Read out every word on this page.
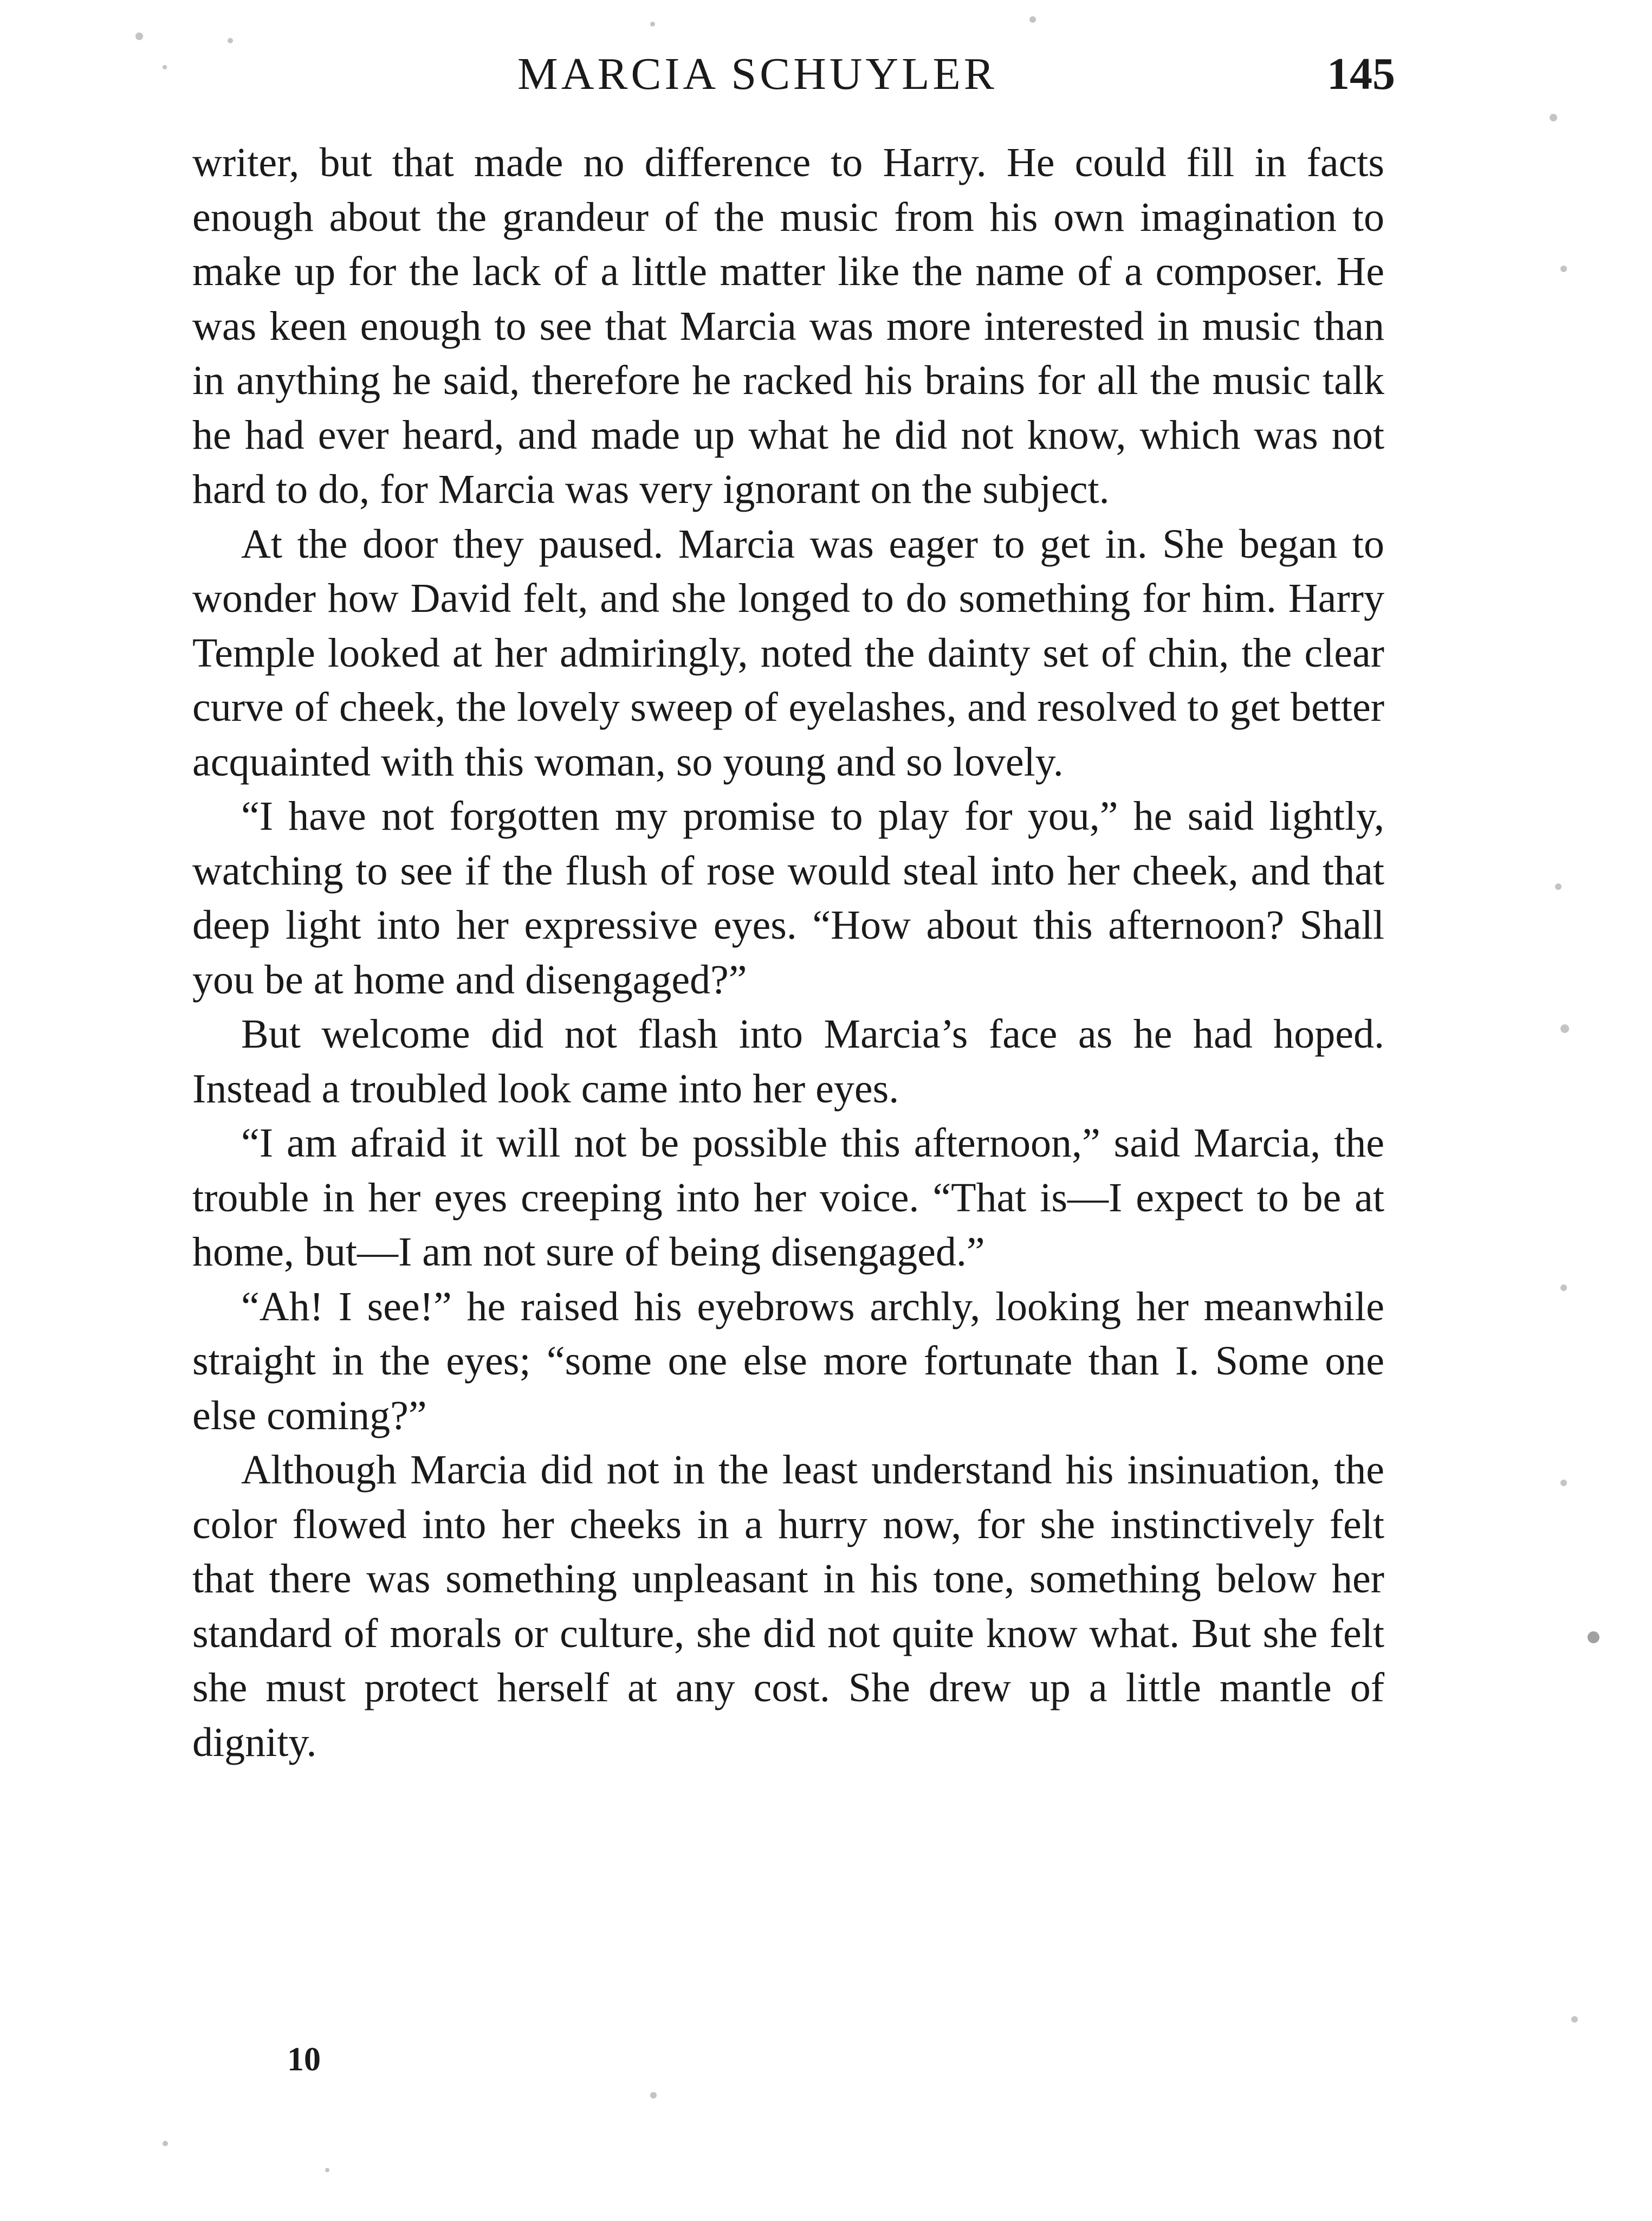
MARCIA SCHUYLER	145

writer, but that made no difference to Harry. He could fill in facts enough about the grandeur of the music from his own imagination to make up for the lack of a little matter like the name of a composer. He was keen enough to see that Marcia was more interested in music than in anything he said, therefore he racked his brains for all the music talk he had ever heard, and made up what he did not know, which was not hard to do, for Marcia was very ignorant on the subject.

At the door they paused. Marcia was eager to get in. She began to wonder how David felt, and she longed to do something for him. Harry Temple looked at her admiringly, noted the dainty set of chin, the clear curve of cheek, the lovely sweep of eyelashes, and resolved to get better acquainted with this woman, so young and so lovely.

“I have not forgotten my promise to play for you,” he said lightly, watching to see if the flush of rose would steal into her cheek, and that deep light into her expressive eyes. “How about this afternoon? Shall you be at home and disengaged?”

But welcome did not flash into Marcia’s face as he had hoped. Instead a troubled look came into her eyes.

“I am afraid it will not be possible this afternoon,” said Marcia, the trouble in her eyes creeping into her voice. “That is—I expect to be at home, but—I am not sure of being disengaged.”

“Ah! I see!” he raised his eyebrows archly, looking her meanwhile straight in the eyes; “some one else more fortunate than I. Some one else coming?”

Although Marcia did not in the least understand his insinuation, the color flowed into her cheeks in a hurry now, for she instinctively felt that there was something unpleasant in his tone, something below her standard of morals or culture, she did not quite know what. But she felt she must protect herself at any cost. She drew up a little mantle of dignity.

10
